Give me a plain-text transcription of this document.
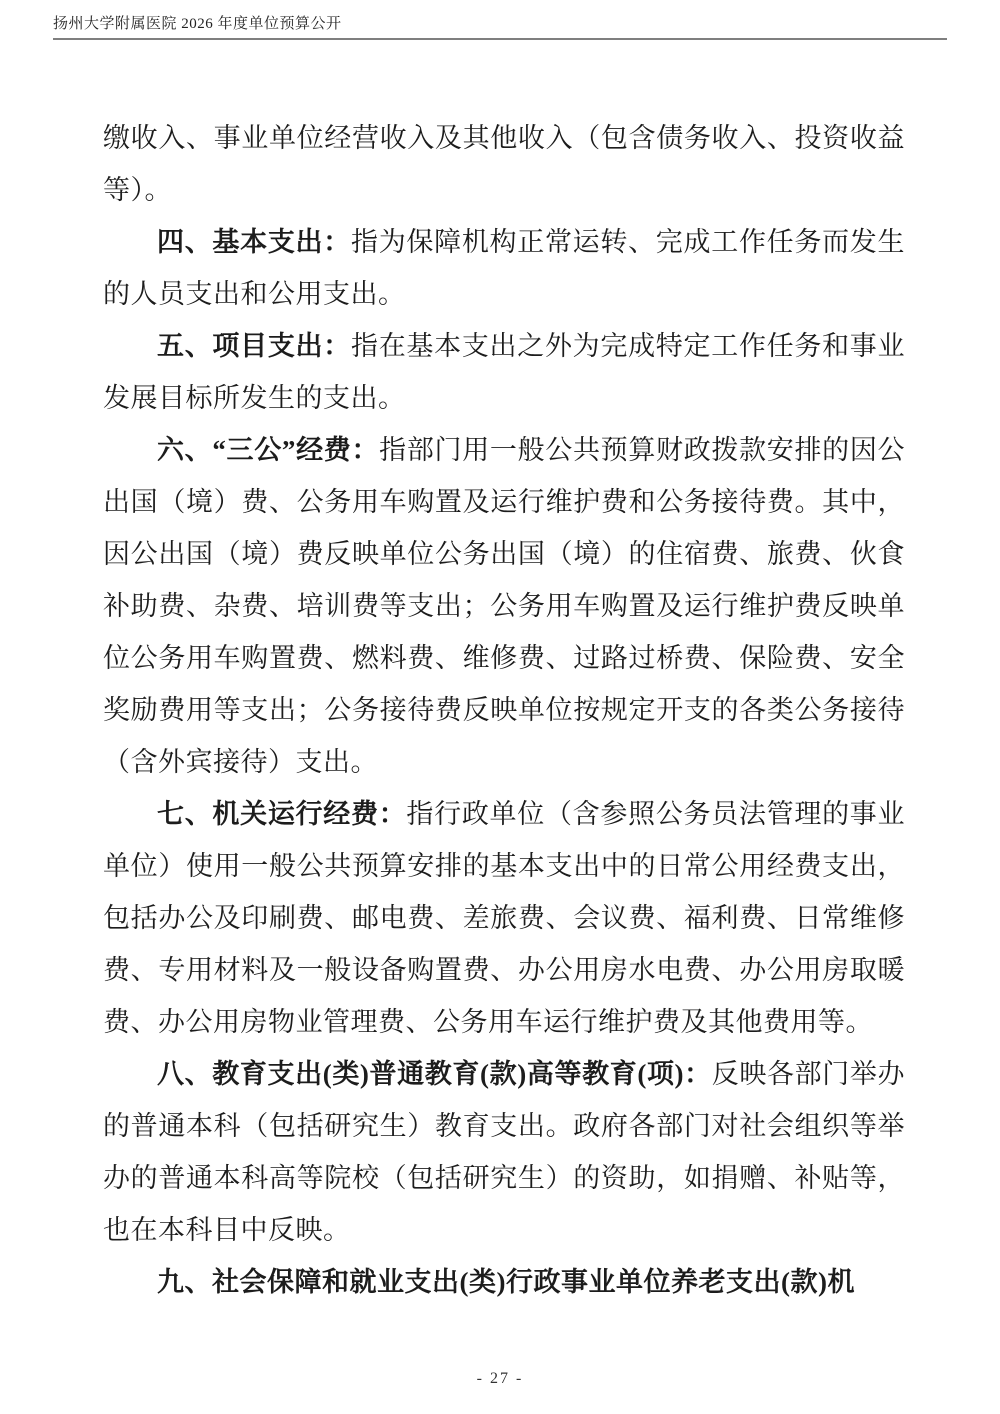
扬州大学附属医院 2026 年度单位预算公开

缴收入、事业单位经营收入及其他收入（包含债务收入、投资收益等）。

四、基本支出：指为保障机构正常运转、完成工作任务而发生的人员支出和公用支出。

五、项目支出：指在基本支出之外为完成特定工作任务和事业发展目标所发生的支出。

六、“三公”经费：指部门用一般公共预算财政拨款安排的因公出国（境）费、公务用车购置及运行维护费和公务接待费。其中，因公出国（境）费反映单位公务出国（境）的住宿费、旅费、伙食补助费、杂费、培训费等支出；公务用车购置及运行维护费反映单位公务用车购置费、燃料费、维修费、过路过桥费、保险费、安全奖励费用等支出；公务接待费反映单位按规定开支的各类公务接待（含外宾接待）支出。

七、机关运行经费：指行政单位（含参照公务员法管理的事业单位）使用一般公共预算安排的基本支出中的日常公用经费支出，包括办公及印刷费、邮电费、差旅费、会议费、福利费、日常维修费、专用材料及一般设备购置费、办公用房水电费、办公用房取暖费、办公用房物业管理费、公务用车运行维护费及其他费用等。

八、教育支出(类)普通教育(款)高等教育(项)：反映各部门举办的普通本科（包括研究生）教育支出。政府各部门对社会组织等举办的普通本科高等院校（包括研究生）的资助，如捐赠、补贴等，也在本科目中反映。

九、社会保障和就业支出(类)行政事业单位养老支出(款)机

- 27 -
